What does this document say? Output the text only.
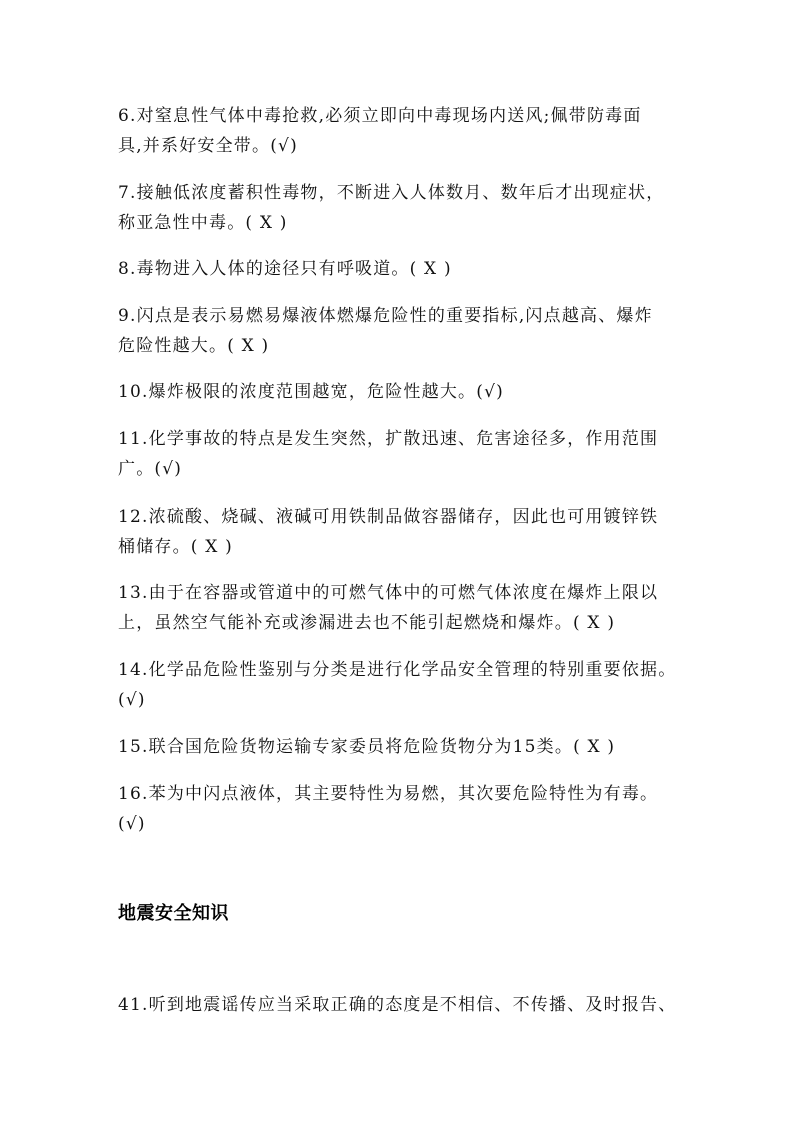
6.对窒息性气体中毒抢救,必须立即向中毒现场内送风;佩带防毒面
具,并系好安全带。(√)
7.接触低浓度蓄积性毒物，不断进入人体数月、数年后才出现症状，
称亚急性中毒。( X )
8.毒物进入人体的途径只有呼吸道。( X )
9.闪点是表示易燃易爆液体燃爆危险性的重要指标,闪点越高、爆炸
危险性越大。( X )
10.爆炸极限的浓度范围越宽，危险性越大。(√)
11.化学事故的特点是发生突然，扩散迅速、危害途径多，作用范围
广。(√)
12.浓硫酸、烧碱、液碱可用铁制品做容器储存，因此也可用镀锌铁
桶储存。( X )
13.由于在容器或管道中的可燃气体中的可燃气体浓度在爆炸上限以
上，虽然空气能补充或渗漏进去也不能引起燃烧和爆炸。( X )
14.化学品危险性鉴别与分类是进行化学品安全管理的特别重要依据。
(√)
15.联合国危险货物运输专家委员将危险货物分为15类。( X )
16.苯为中闪点液体，其主要特性为易燃，其次要危险特性为有毒。
(√)
地震安全知识
41.听到地震谣传应当采取正确的态度是不相信、不传播、及时报告、
